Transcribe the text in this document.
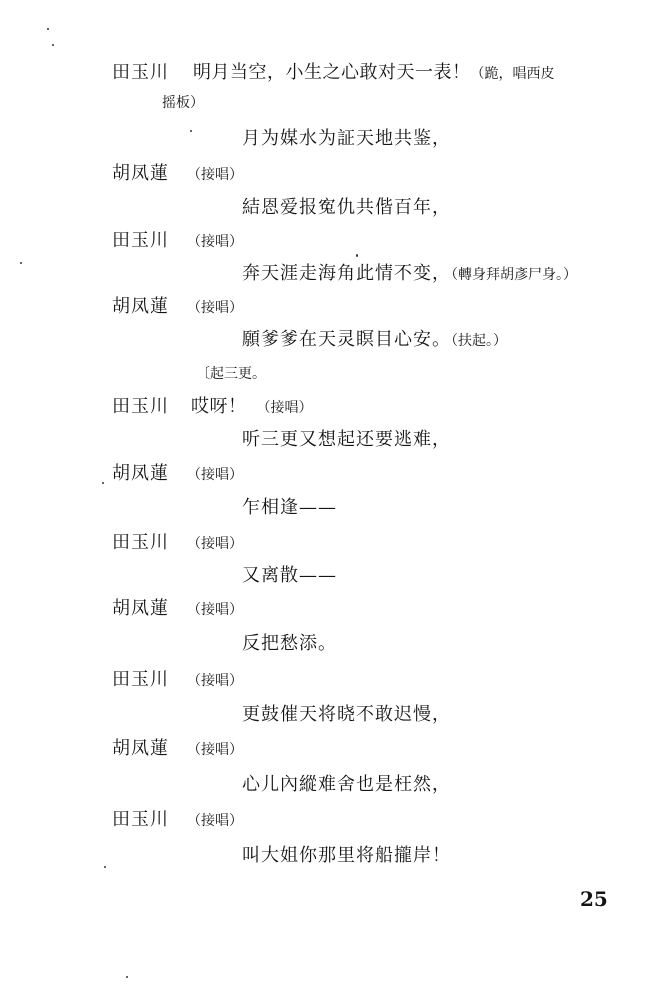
田玉川 明月当空，小生之心敢对天一表！（跪，唱西皮
摇板）
月为媒水为証天地共鉴，
胡凤蓮 （接唱）
結恩爱报寃仇共偕百年，
田玉川 （接唱）
奔天涯走海角此情不变，（轉身拜胡彥尸身。）
胡凤蓮 （接唱）
願爹爹在天灵瞑目心安。（扶起。）
〔起三更。
田玉川 哎呀！ （接唱）
听三更又想起还要逃难，
胡凤蓮 （接唱）
乍相逢——
田玉川 （接唱）
又离散——
胡凤蓮 （接唱）
反把愁添。
田玉川 （接唱）
更鼓催天将晓不敢迟慢，
胡凤蓮 （接唱）
心儿內縱难舍也是枉然，
田玉川 （接唱）
叫大姐你那里将船攏岸！
25
